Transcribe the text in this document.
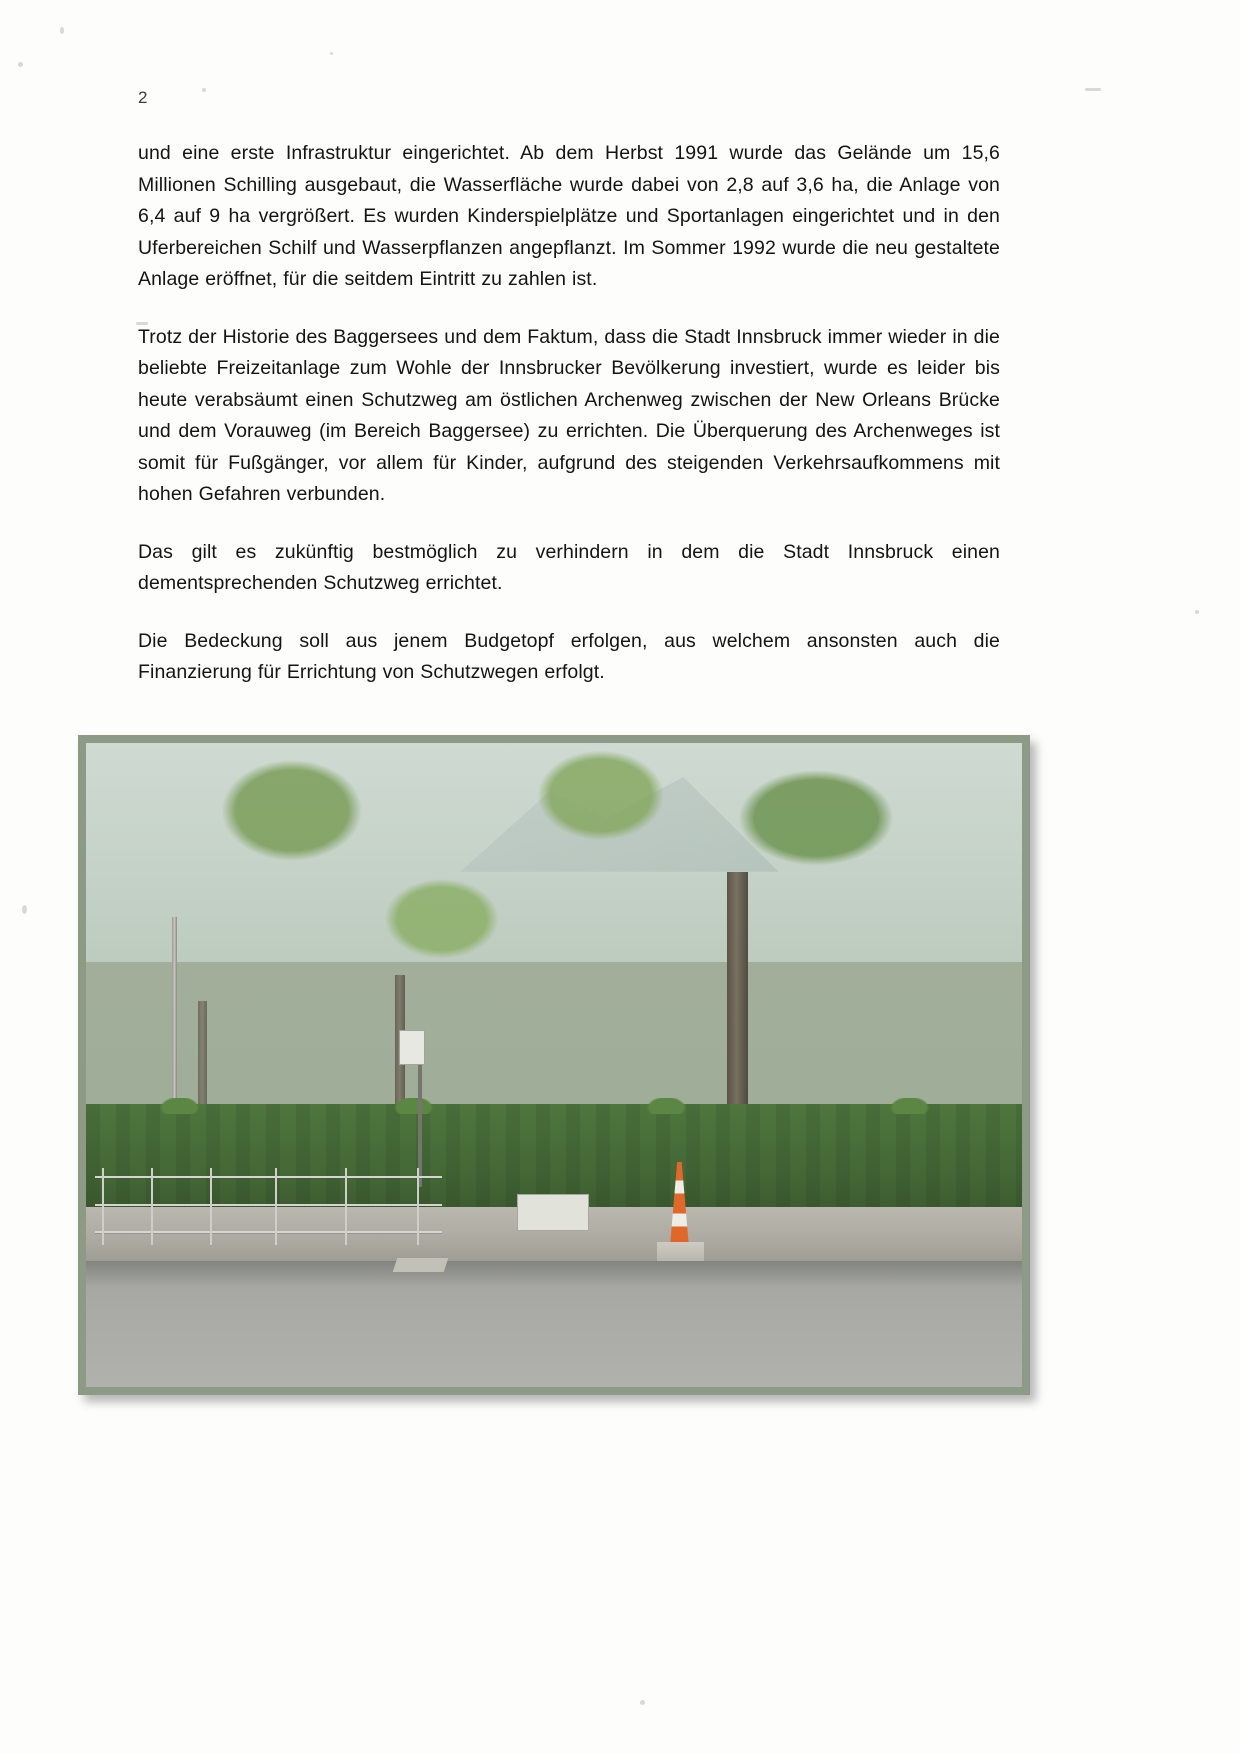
2

und eine erste Infrastruktur eingerichtet. Ab dem Herbst 1991 wurde das Gelände um 15,6 Millionen Schilling ausgebaut, die Wasserfläche wurde dabei von 2,8 auf 3,6 ha, die Anlage von 6,4 auf 9 ha vergrößert. Es wurden Kinderspielplätze und Sportanlagen eingerichtet und in den Uferbereichen Schilf und Wasserpflanzen angepflanzt. Im Sommer 1992 wurde die neu gestaltete Anlage eröffnet, für die seitdem Eintritt zu zahlen ist.

Trotz der Historie des Baggersees und dem Faktum, dass die Stadt Innsbruck immer wieder in die beliebte Freizeitanlage zum Wohle der Innsbrucker Bevölkerung investiert, wurde es leider bis heute verabsäumt einen Schutzweg am östlichen Archenweg zwischen der New Orleans Brücke und dem Vorauweg (im Bereich Baggersee) zu errichten. Die Überquerung des Archenweges ist somit für Fußgänger, vor allem für Kinder, aufgrund des steigenden Verkehrsaufkommens mit hohen Gefahren verbunden.

Das gilt es zukünftig bestmöglich zu verhindern in dem die Stadt Innsbruck einen dementsprechenden Schutzweg errichtet.

Die Bedeckung soll aus jenem Budgetopf erfolgen, aus welchem ansonsten auch die Finanzierung für Errichtung von Schutzwegen erfolgt.
